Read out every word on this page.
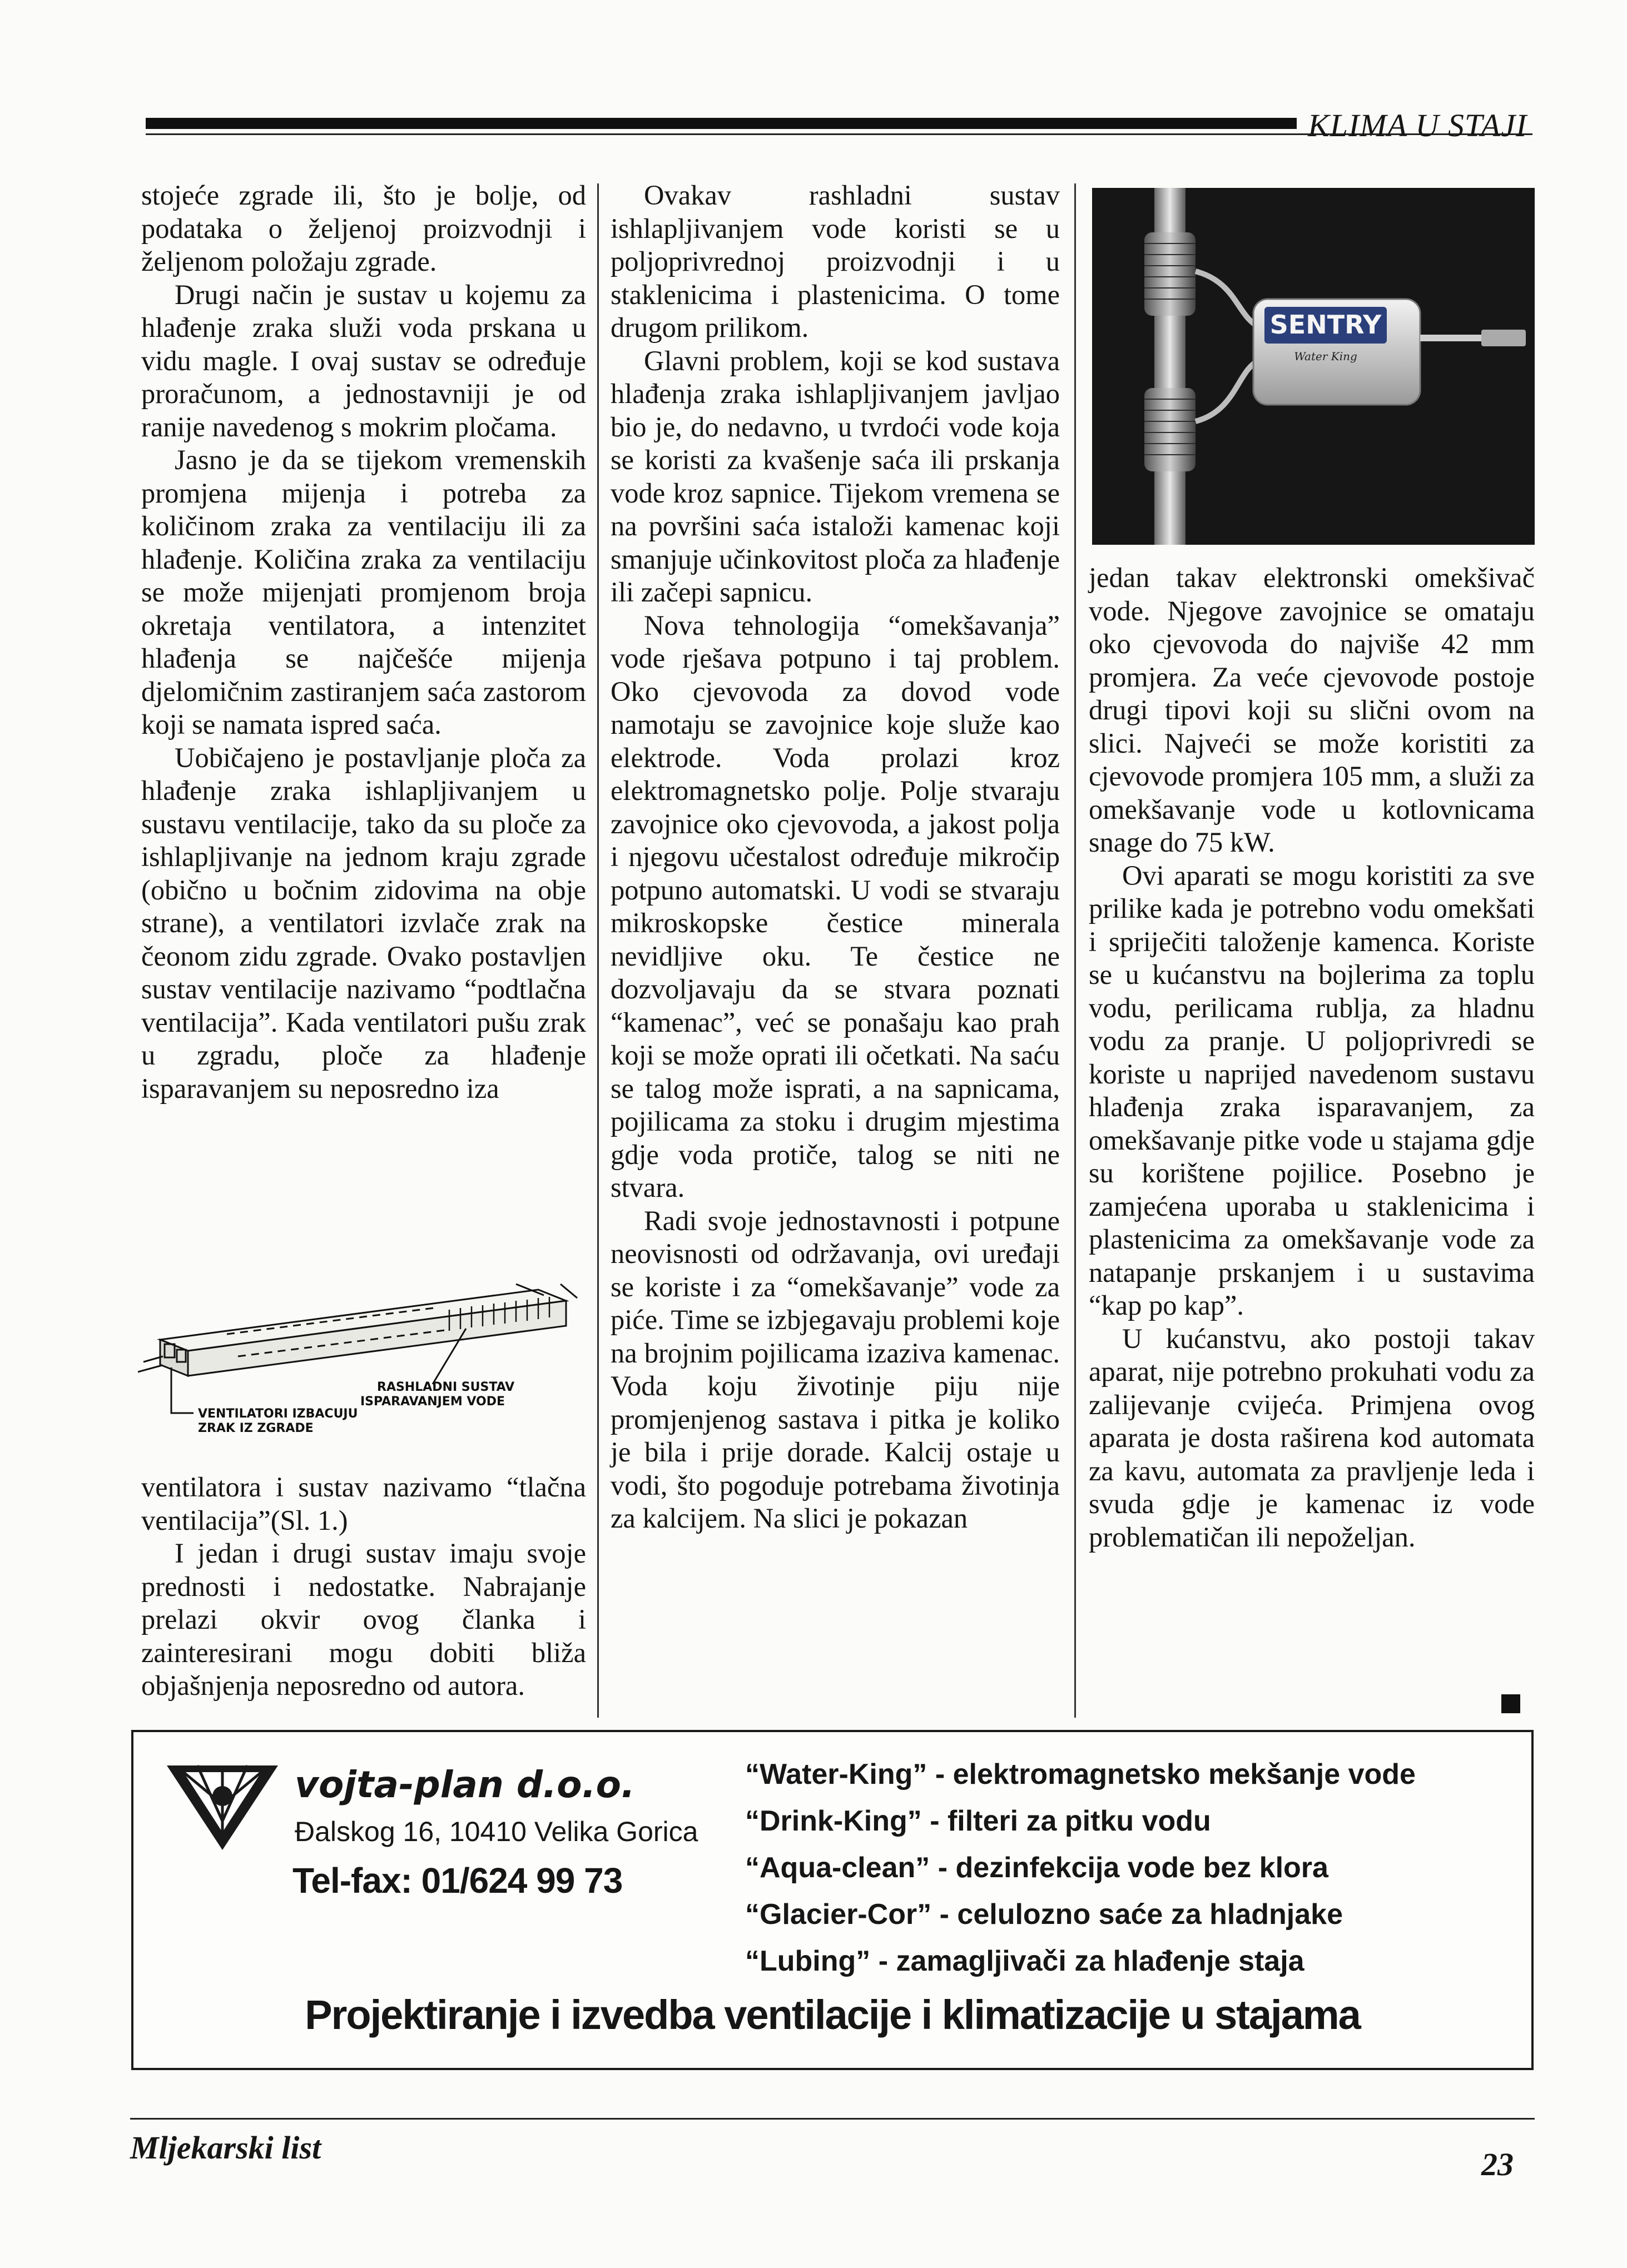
KLIMA U STAJI

stojeće zgrade ili, što je bolje, od podataka o željenoj proizvodnji i željenom položaju zgrade.

Drugi način je sustav u kojemu za hlađenje zraka služi voda prskana u vidu magle. I ovaj sustav se određuje proračunom, a jednostavniji je od ranije navedenog s mokrim pločama.

Jasno je da se tijekom vremenskih promjena mijenja i potreba za količinom zraka za ventilaciju ili za hlađenje. Količina zraka za ventilaciju se može mijenjati promjenom broja okretaja ventilatora, a intenzitet hlađenja se najčešće mijenja djelomičnim zastiranjem saća zastorom koji se namata ispred saća.

Uobičajeno je postavljanje ploča za hlađenje zraka ishlapljivanjem u sustavu ventilacije, tako da su ploče za ishlapljivanje na jednom kraju zgrade (obično u bočnim zidovima na obje strane), a ventilatori izvlače zrak na čeonom zidu zgrade. Ovako postavljen sustav ventilacije nazivamo “podtlačna ventilacija”. Kada ventilatori pušu zrak u zgradu, ploče za hlađenje isparavanjem su neposredno iza

RASHLADNI SUSTAV
ISPARAVANJEM VODE
VENTILATORI IZBACUJU
ZRAK IZ ZGRADE

ventilatora i sustav nazivamo “tlačna ventilacija”(Sl. 1.)

I jedan i drugi sustav imaju svoje prednosti i nedostatke. Nabrajanje prelazi okvir ovog članka i zainteresirani mogu dobiti bliža objašnjenja neposredno od autora.

Ovakav rashladni sustav ishlapljivanjem vode koristi se u poljoprivrednoj proizvodnji i u staklenicima i plastenicima. O tome drugom prilikom.

Glavni problem, koji se kod sustava hlađenja zraka ishlapljivanjem javljao bio je, do nedavno, u tvrdoći vode koja se koristi za kvašenje saća ili prskanja vode kroz sapnice. Tijekom vremena se na površini saća istaloži kamenac koji smanjuje učinkovitost ploča za hlađenje ili začepi sapnicu.

Nova tehnologija “omekšavanja” vode rješava potpuno i taj problem. Oko cjevovoda za dovod vode namotaju se zavojnice koje služe kao elektrode. Voda prolazi kroz elektromagnetsko polje. Polje stvaraju zavojnice oko cjevovoda, a jakost polja i njegovu učestalost određuje mikročip potpuno automatski. U vodi se stvaraju mikroskopske čestice minerala nevidljive oku. Te čestice ne dozvoljavaju da se stvara poznati “kamenac”, već se ponašaju kao prah koji se može oprati ili očetkati. Na saću se talog može isprati, a na sapnicama, pojilicama za stoku i drugim mjestima gdje voda protiče, talog se niti ne stvara.

Radi svoje jednostavnosti i potpune neovisnosti od održavanja, ovi uređaji se koriste i za “omekšavanje” vode za piće. Time se izbjegavaju problemi koje na brojnim pojilicama izaziva kamenac. Voda koju životinje piju nije promjenjenog sastava i pitka je koliko je bila i prije dorade. Kalcij ostaje u vodi, što pogoduje potrebama životinja za kalcijem. Na slici je pokazan

SENTRY
Water King

jedan takav elektronski omekšivač vode. Njegove zavojnice se omataju oko cjevovoda do najviše 42 mm promjera. Za veće cjevovode postoje drugi tipovi koji su slični ovom na slici. Najveći se može koristiti za cjevovode promjera 105 mm, a služi za omekšavanje vode u kotlovnicama snage do 75 kW.

Ovi aparati se mogu koristiti za sve prilike kada je potrebno vodu omekšati i spriječiti taloženje kamenca. Koriste se u kućanstvu na bojlerima za toplu vodu, perilicama rublja, za hladnu vodu za pranje. U poljoprivredi se koriste u naprijed navedenom sustavu hlađenja zraka isparavanjem, za omekšavanje pitke vode u stajama gdje su korištene pojilice. Posebno je zamjećena uporaba u staklenicima i plastenicima za omekšavanje vode za natapanje prskanjem i u sustavima “kap po kap”.

U kućanstvu, ako postoji takav aparat, nije potrebno prokuhati vodu za zalijevanje cvijeća. Primjena ovog aparata je dosta raširena kod automata za kavu, automata za pravljenje leda i svuda gdje je kamenac iz vode problematičan ili nepoželjan.

vojta-plan d.o.o.
Đalskog 16, 10410 Velika Gorica
Tel-fax: 01/624 99 73
“Water-King” - elektromagnetsko mekšanje vode
“Drink-King” - filteri za pitku vodu
“Aqua-clean” - dezinfekcija vode bez klora
“Glacier-Cor” - celulozno saće za hladnjake
“Lubing” - zamagljivači za hlađenje staja
Projektiranje i izvedba ventilacije i klimatizacije u stajama
Mljekarski list	23
